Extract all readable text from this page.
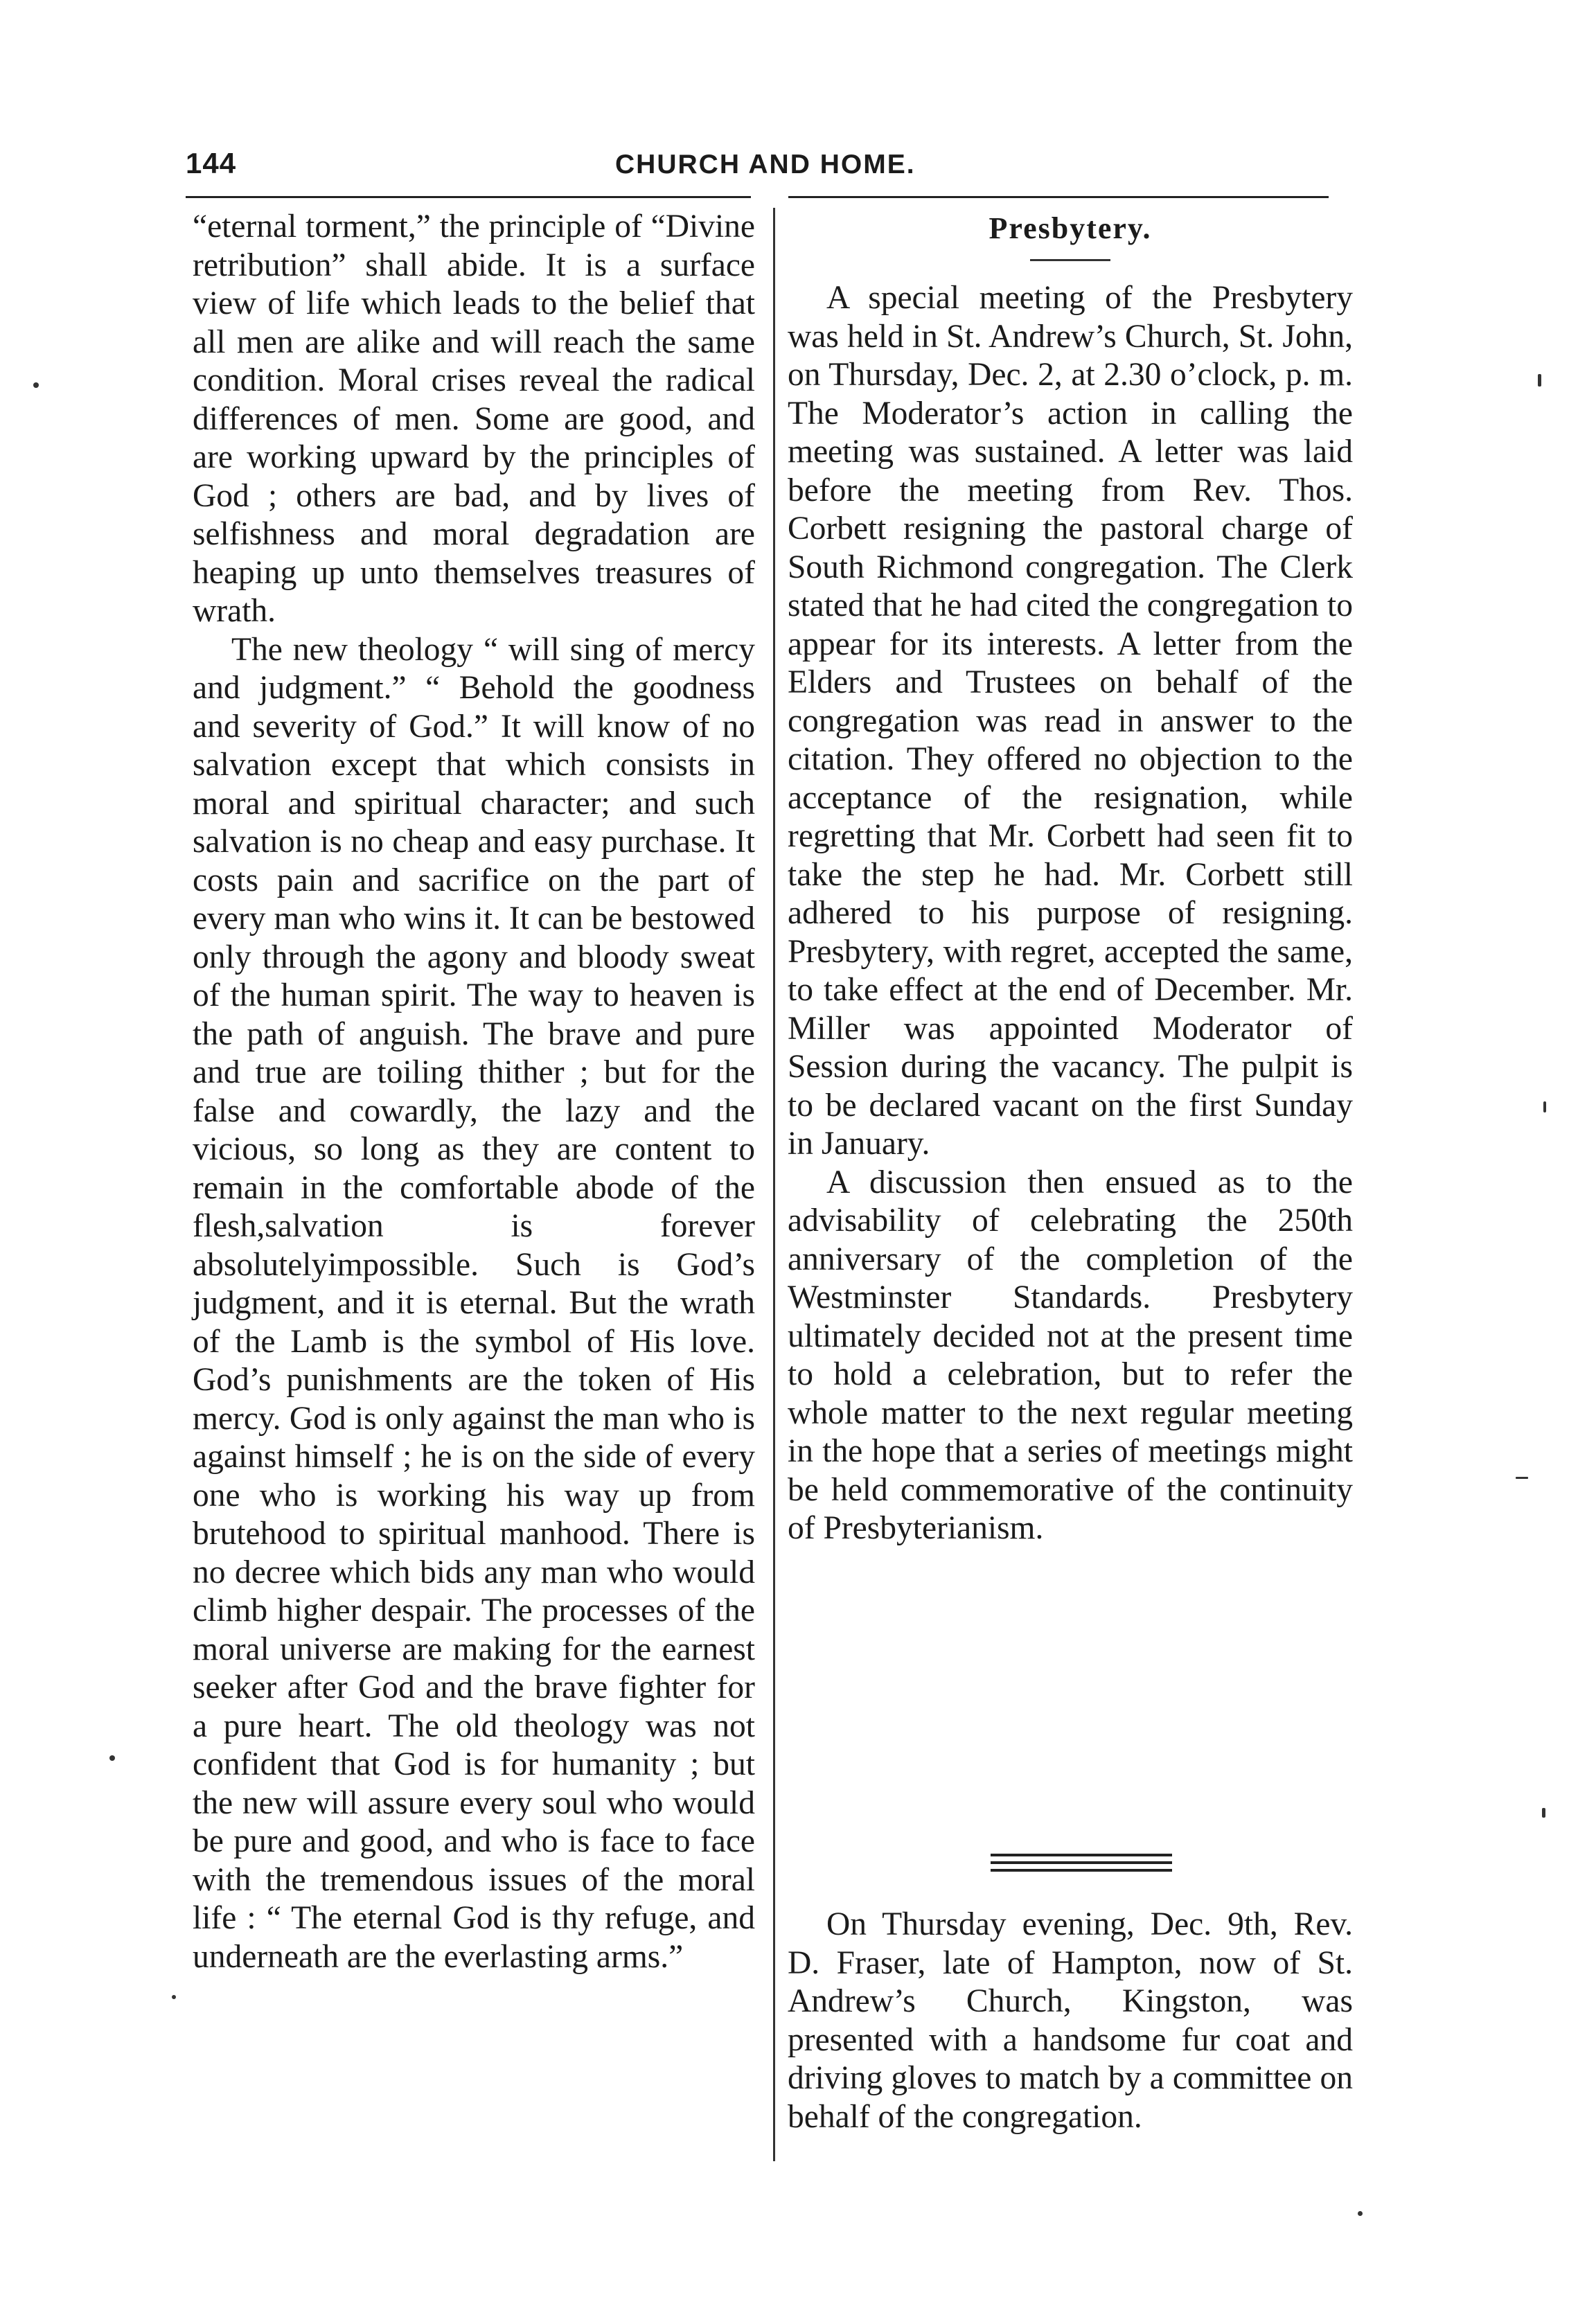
144	CHURCH AND HOME.

“eternal torment,” the principle of “Divine retribution” shall abide. It is a surface view of life which leads to the belief that all men are alike and will reach the same condition. Moral crises reveal the radical differences of men. Some are good, and are working upward by the principles of God ; others are bad, and by lives of selfishness and moral degradation are heaping up unto themselves treasures of wrath.

The new theology “ will sing of mercy and judgment.” “ Behold the goodness and severity of God.” It will know of no salvation except that which consists in moral and spiritual character; and such salvation is no cheap and easy purchase. It costs pain and sacrifice on the part of every man who wins it. It can be bestowed only through the agony and bloody sweat of the human spirit. The way to heaven is the path of anguish. The brave and pure and true are toiling thither ; but for the false and cowardly, the lazy and the vicious, so long as they are content to remain in the comfortable abode of the flesh,salvation is forever absolutelyimpossible. Such is God’s judgment, and it is eternal. But the wrath of the Lamb is the symbol of His love. God’s punishments are the token of His mercy. God is only against the man who is against himself ; he is on the side of every one who is working his way up from brutehood to spiritual manhood. There is no decree which bids any man who would climb higher despair. The processes of the moral universe are making for the earnest seeker after God and the brave fighter for a pure heart. The old theology was not confident that God is for humanity ; but the new will assure every soul who would be pure and good, and who is face to face with the tremendous issues of the moral life : “ The eternal God is thy refuge, and underneath are the everlasting arms.”

Presbytery.

A special meeting of the Presbytery was held in St. Andrew’s Church, St. John, on Thursday, Dec. 2, at 2.30 o’clock, p. m. The Moderator’s action in calling the meeting was sustained. A letter was laid before the meeting from Rev. Thos. Corbett resigning the pastoral charge of South Richmond congregation. The Clerk stated that he had cited the congregation to appear for its interests. A letter from the Elders and Trustees on behalf of the congregation was read in answer to the citation. They offered no objection to the acceptance of the resignation, while regretting that Mr. Corbett had seen fit to take the step he had. Mr. Corbett still adhered to his purpose of resigning. Presbytery, with regret, accepted the same, to take effect at the end of December. Mr. Miller was appointed Moderator of Session during the vacancy. The pulpit is to be declared vacant on the first Sunday in January.

A discussion then ensued as to the advisability of celebrating the 250th anniversary of the completion of the Westminster Standards. Presbytery ultimately decided not at the present time to hold a celebration, but to refer the whole matter to the next regular meeting in the hope that a series of meetings might be held commemorative of the continuity of Presbyterianism.

On Thursday evening, Dec. 9th, Rev. D. Fraser, late of Hampton, now of St. Andrew’s Church, Kingston, was presented with a handsome fur coat and driving gloves to match by a committee on behalf of the congregation.
